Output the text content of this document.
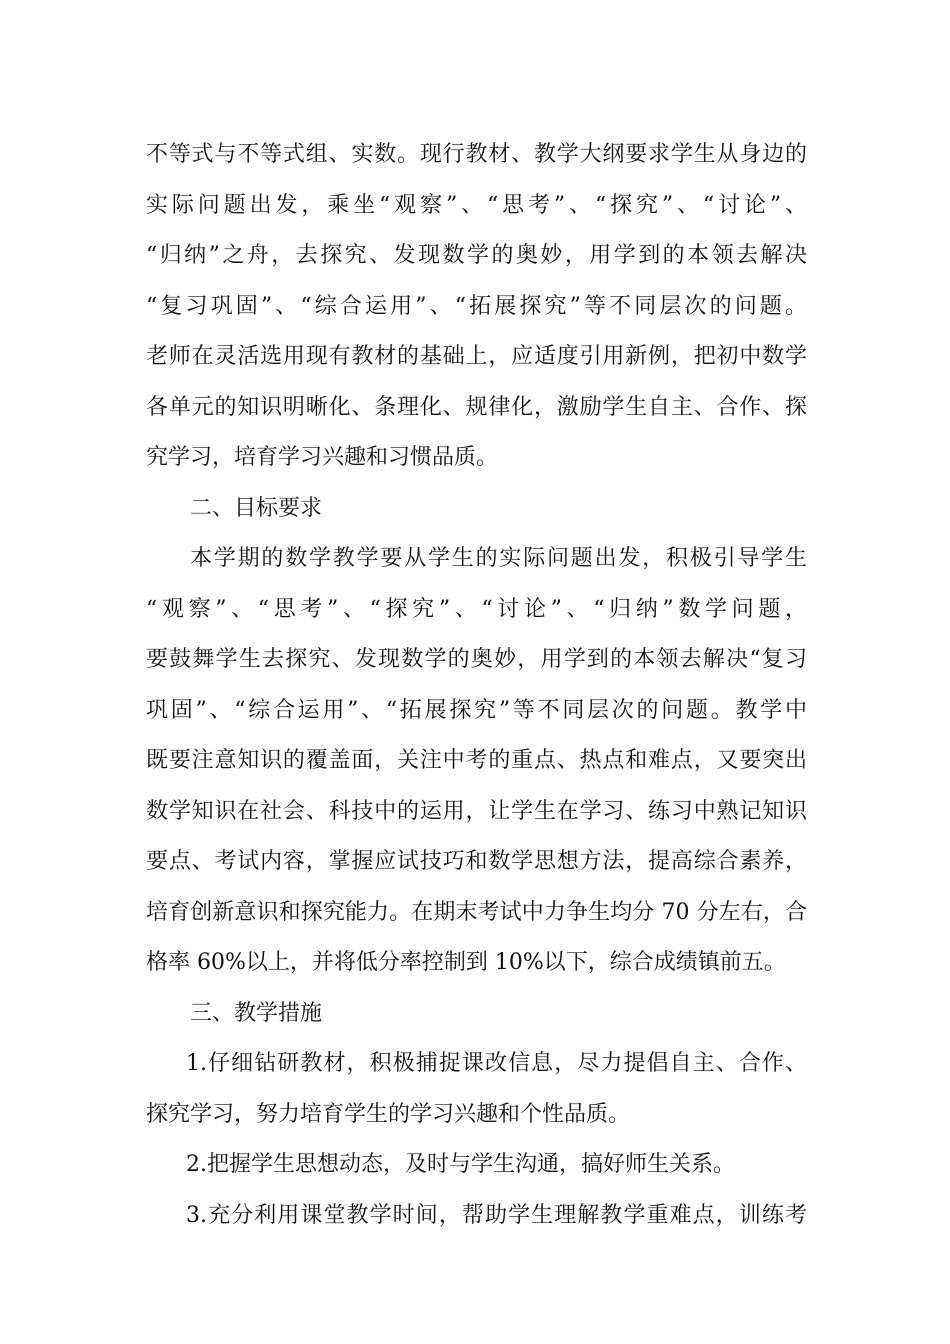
不等式与不等式组、实数。现行教材、教学大纲要求学生从身边的
实际问题出发，乘坐“观察”、“思考”、“探究”、“讨论”、
“归纳”之舟，去探究、发现数学的奥妙，用学到的本领去解决
“复习巩固”、“综合运用”、“拓展探究”等不同层次的问题。
老师在灵活选用现有教材的基础上，应适度引用新例，把初中数学
各单元的知识明晰化、条理化、规律化，激励学生自主、合作、探
究学习，培育学习兴趣和习惯品质。
二、目标要求
本学期的数学教学要从学生的实际问题出发，积极引导学生
“观察”、“思考”、“探究”、“讨论”、“归纳”数学问题，
要鼓舞学生去探究、发现数学的奥妙，用学到的本领去解决“复习
巩固”、“综合运用”、“拓展探究”等不同层次的问题。教学中
既要注意知识的覆盖面，关注中考的重点、热点和难点，又要突出
数学知识在社会、科技中的运用，让学生在学习、练习中熟记知识
要点、考试内容，掌握应试技巧和数学思想方法，提高综合素养，
培育创新意识和探究能力。在期末考试中力争生均分 70 分左右，合
格率 60%以上，并将低分率控制到 10%以下，综合成绩镇前五。
三、教学措施
1.仔细钻研教材，积极捕捉课改信息，尽力提倡自主、合作、
探究学习，努力培育学生的学习兴趣和个性品质。
2.把握学生思想动态，及时与学生沟通，搞好师生关系。
3.充分利用课堂教学时间，帮助学生理解教学重难点，训练考
